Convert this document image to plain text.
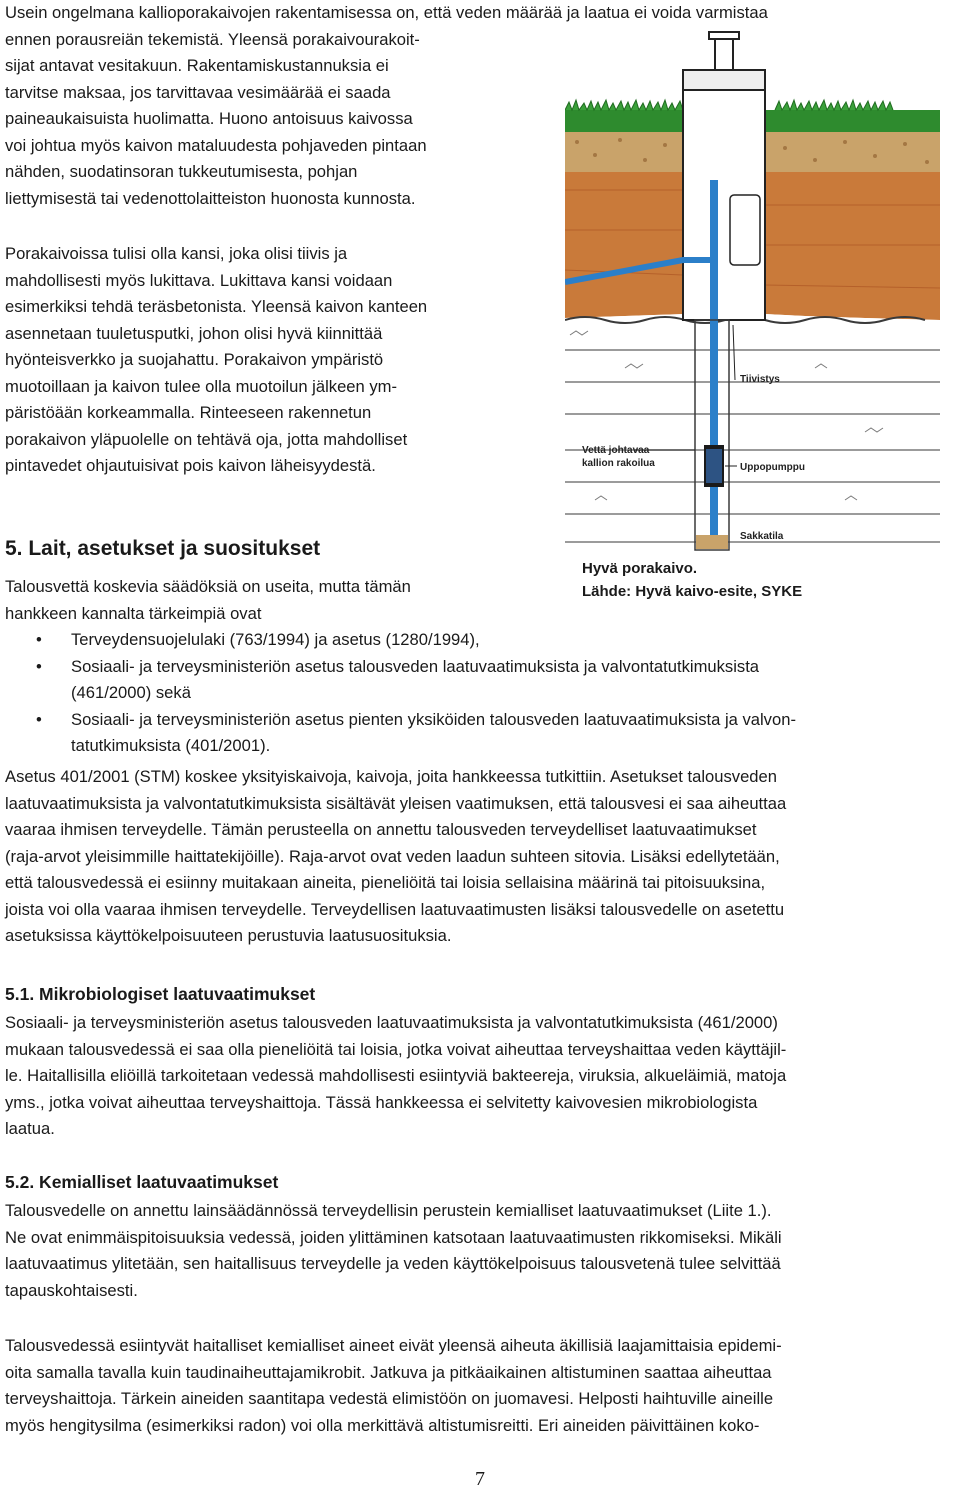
Usein ongelmana kallioporakaivojen rakentamisessa on, että veden määrää ja laatua ei voida varmistaa

ennen porausreiän tekemistä. Yleensä porakaivourakoit-

sijat antavat vesitakuun. Rakentamiskustannuksia ei

tarvitse maksaa, jos tarvittavaa vesimäärää ei saada

paineaukaisuista huolimatta. Huono antoisuus kaivossa

voi johtua myös kaivon mataluudesta pohjaveden pintaan

nähden, suodatinsoran tukkeutumisesta, pohjan

liettymisestä tai vedenottolaitteiston huonosta kunnosta.

Porakaivoissa tulisi olla kansi, joka olisi tiivis ja

mahdollisesti myös lukittava. Lukittava kansi voidaan

esimerkiksi tehdä teräsbetonista. Yleensä kaivon kanteen

asennetaan tuuletusputki, johon olisi hyvä kiinnittää

hyönteisverkko ja suojahattu. Porakaivon ympäristö

muotoillaan ja kaivon tulee olla muotoilun jälkeen ym-

päristöään korkeammalla. Rinteeseen rakennetun

porakaivon yläpuolelle on tehtävä oja, jotta mahdolliset

pintavedet ohjautuisivat pois kaivon läheisyydestä.

Tiivistys
Vettä johtavaa
kallion rakoilua	Uppopumppu
Sakkatila

Hyvä porakaivo.

Lähde: Hyvä kaivo-esite, SYKE

5. Lait, asetukset ja suositukset

Talousvettä koskevia säädöksiä on useita, mutta tämän

hankkeen kannalta tärkeimpiä ovat

• Terveydensuojelulaki (763/1994) ja asetus (1280/1994),
• Sosiaali- ja terveysministeriön asetus talousveden laatuvaatimuksista ja valvontatutkimuksista
(461/2000) sekä
• Sosiaali- ja terveysministeriön asetus pienten yksiköiden talousveden laatuvaatimuksista ja valvon-
tatutkimuksista (401/2001).

Asetus 401/2001 (STM) koskee yksityiskaivoja, kaivoja, joita hankkeessa tutkittiin. Asetukset talousveden

laatuvaatimuksista ja valvontatutkimuksista sisältävät yleisen vaatimuksen, että talousvesi ei saa aiheuttaa

vaaraa ihmisen terveydelle. Tämän perusteella on annettu talousveden terveydelliset laatuvaatimukset

(raja-arvot yleisimmille haittatekijöille). Raja-arvot ovat veden laadun suhteen sitovia. Lisäksi edellytetään,

että talousvedessä ei esiinny muitakaan aineita, pieneliöitä tai loisia sellaisina määrinä tai pitoisuuksina,

joista voi olla vaaraa ihmisen terveydelle. Terveydellisen laatuvaatimusten lisäksi talousvedelle on asetettu

asetuksissa käyttökelpoisuuteen perustuvia laatusuosituksia.

5.1. Mikrobiologiset laatuvaatimukset

Sosiaali- ja terveysministeriön asetus talousveden laatuvaatimuksista ja valvontatutkimuksista (461/2000)

mukaan talousvedessä ei saa olla pieneliöitä tai loisia, jotka voivat aiheuttaa terveyshaittaa veden käyttäjil-

le. Haitallisilla eliöillä tarkoitetaan vedessä mahdollisesti esiintyviä bakteereja, viruksia, alkueläimiä, matoja

yms., jotka voivat aiheuttaa terveyshaittoja. Tässä hankkeessa ei selvitetty kaivovesien mikrobiologista

laatua.

5.2. Kemialliset laatuvaatimukset

Talousvedelle on annettu lainsäädännössä terveydellisin perustein kemialliset laatuvaatimukset (Liite 1.).

Ne ovat enimmäispitoisuuksia vedessä, joiden ylittäminen katsotaan laatuvaatimusten rikkomiseksi. Mikäli

laatuvaatimus ylitetään, sen haitallisuus terveydelle ja veden käyttökelpoisuus talousvetenä tulee selvittää

tapauskohtaisesti.

Talousvedessä esiintyvät haitalliset kemialliset aineet eivät yleensä aiheuta äkillisiä laajamittaisia epidemi-

oita samalla tavalla kuin taudinaiheuttajamikrobit. Jatkuva ja pitkäaikainen altistuminen saattaa aiheuttaa

terveyshaittoja. Tärkein aineiden saantitapa vedestä elimistöön on juomavesi. Helposti haihtuville aineille

myös hengitysilma (esimerkiksi radon) voi olla merkittävä altistumisreitti. Eri aineiden päivittäinen koko-

7
